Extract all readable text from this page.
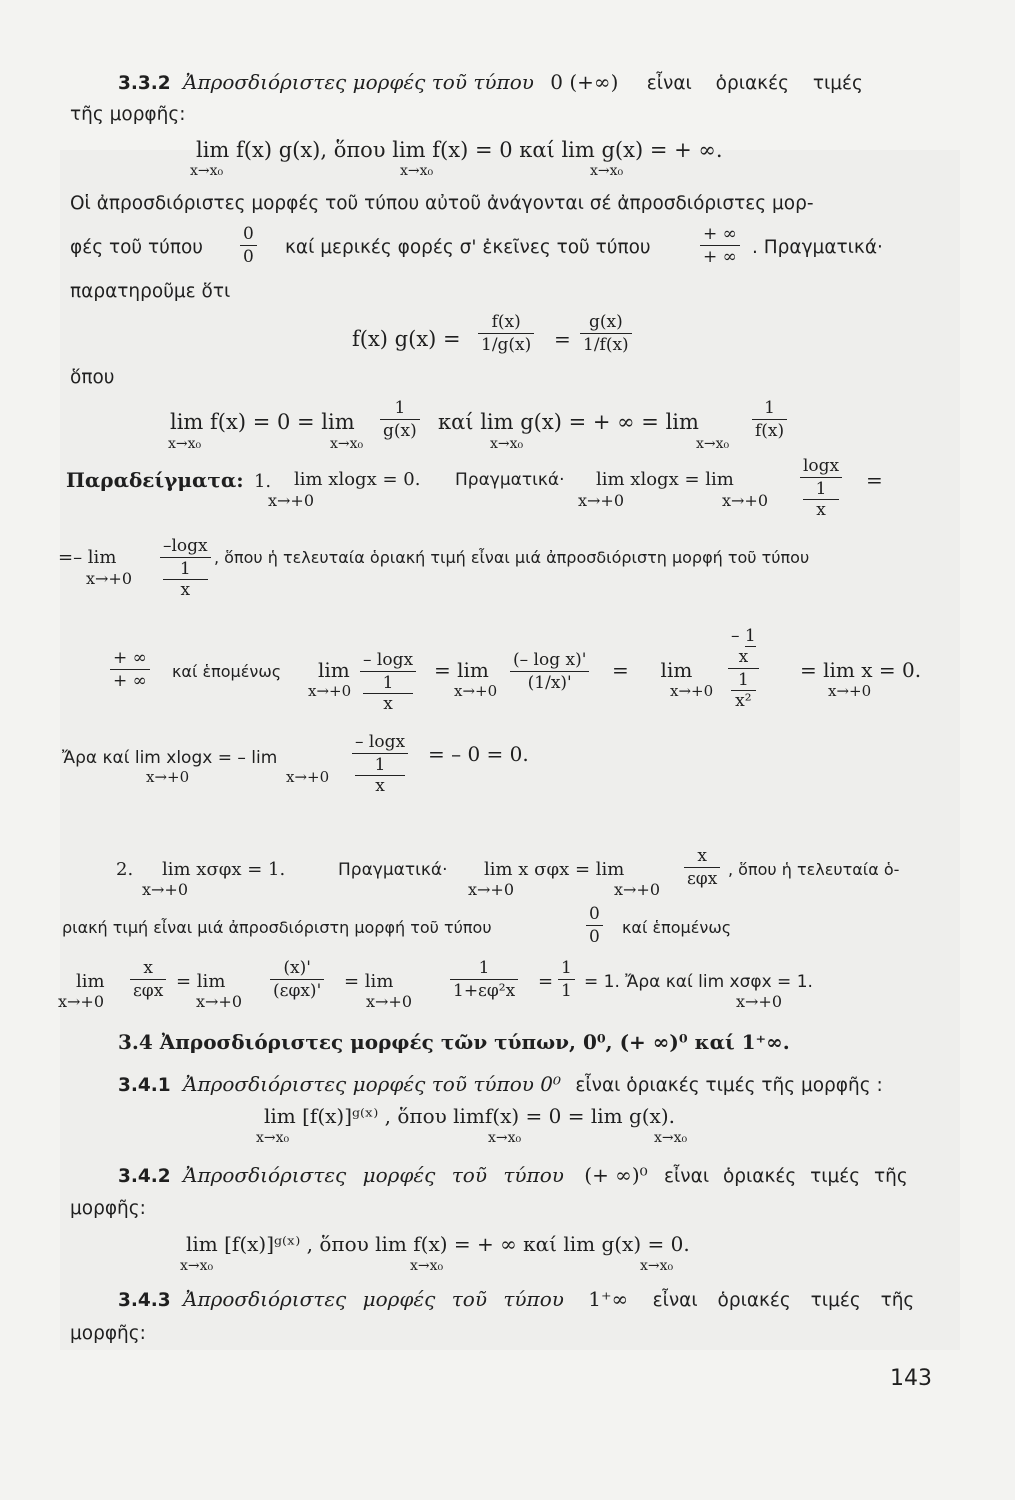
3.3.2 Ἀπροσδιόριστες μορφές τοῦ τύπου 0 (+∞) εἶναι ὁριακές τιμές
τῆς μορφῆς:
lim f(x) g(x), ὅπου lim f(x) = 0 καί lim g(x) = + ∞.
x→x₀	x→x₀	x→x₀
Οἱ ἀπροσδιόριστες μορφές τοῦ τύπου αὐτοῦ ἀνάγονται σέ ἀπροσδιόριστες μορ-
φές τοῦ τύπου $\frac{0}{0}$ καί μερικές φορές σ' ἐκεῖνες τοῦ τύπου
+ ∞
+ ∞ . Πραγματικά·
παρατηροῦμε ὅτι
f(x) $g(x) = \frac{f(x)}{1/g(x)} = \frac{g(x)}{1/f(x)}$
ὅπου
$\lim f(x) = 0 = \lim \frac{1}{g(x)}$ καί lim g(x) = + ∞ = lim	$\frac{1}{f(x)}$
x→x₀	x→x₀	x→x₀	x→x₀
Παραδείγματα: 1. lim xlogx = 0. Πραγματικά· lim xlogx = lim	logx
1
x =
x→+0	x→+0	x→+0
=– lim	–logx
1
x , ὅπου ἡ τελευταία ὁριακή τιμή εἶναι μιά ἀπροσδιόριστη μορφή τοῦ τύπου
x→+0
+ ∞
+ ∞ καί ἑπομένως lim – logx
1
$x = \lim \frac{\text{(– log x)'}}{(1/x)'}$ =     lim
– 1
x
1
x²
= lim x = 0.
x→+0	x→+0	x→+0	x→+0
Ἄρα καί lim xlogx = – lim	– logx
1
x = – 0 = 0.
x→+0	x→+0
2. lim xσφx = 1.	Πραγματικά· lim x σφx = lim
x
εφx , ὅπου ἡ τελευταία ὁ-
x→+0	x→+0	x→+0
ριακή τιμή εἶναι μιά ἀπροσδιόριστη μορφή τοῦ τύπου	$\frac{0}{0}$ καί ἑπομένως
lim
x
εφx = lim
(x)'
(εφx)' = lim	$\frac{1}{\text{1+εφ²x}} = \frac{1}{1} = 1$. Ἄρα καί lim xσφx = 1.
x→+0	x→+0	x→+0	x→+0
3.4 Ἀπροσδιόριστες μορφές τῶν τύπων, 0⁰, (+ ∞)⁰ καί 1⁺∞.
3.4.1 Ἀπροσδιόριστες μορφές τοῦ τύπου 0⁰ εἶναι ὁριακές τιμές τῆς μορφῆς :
lim [f(x)]ᵍ⁽ˣ⁾ , ὅπου limf(x) = 0 = lim g(x).
x→x₀	x→x₀	x→x₀
3.4.2 Ἀπροσδιόριστες μορφές τοῦ τύπου (+ ∞)⁰ εἶναι ὁριακές τιμές τῆς
μορφῆς:
lim [f(x)]ᵍ⁽ˣ⁾ , ὅπου lim f(x) = + ∞ καί lim g(x) = 0.
x→x₀	x→x₀	x→x₀
3.4.3 Ἀπροσδιόριστες μορφές τοῦ τύπου 1⁺∞ εἶναι ὁριακές τιμές τῆς
μορφῆς:
143
